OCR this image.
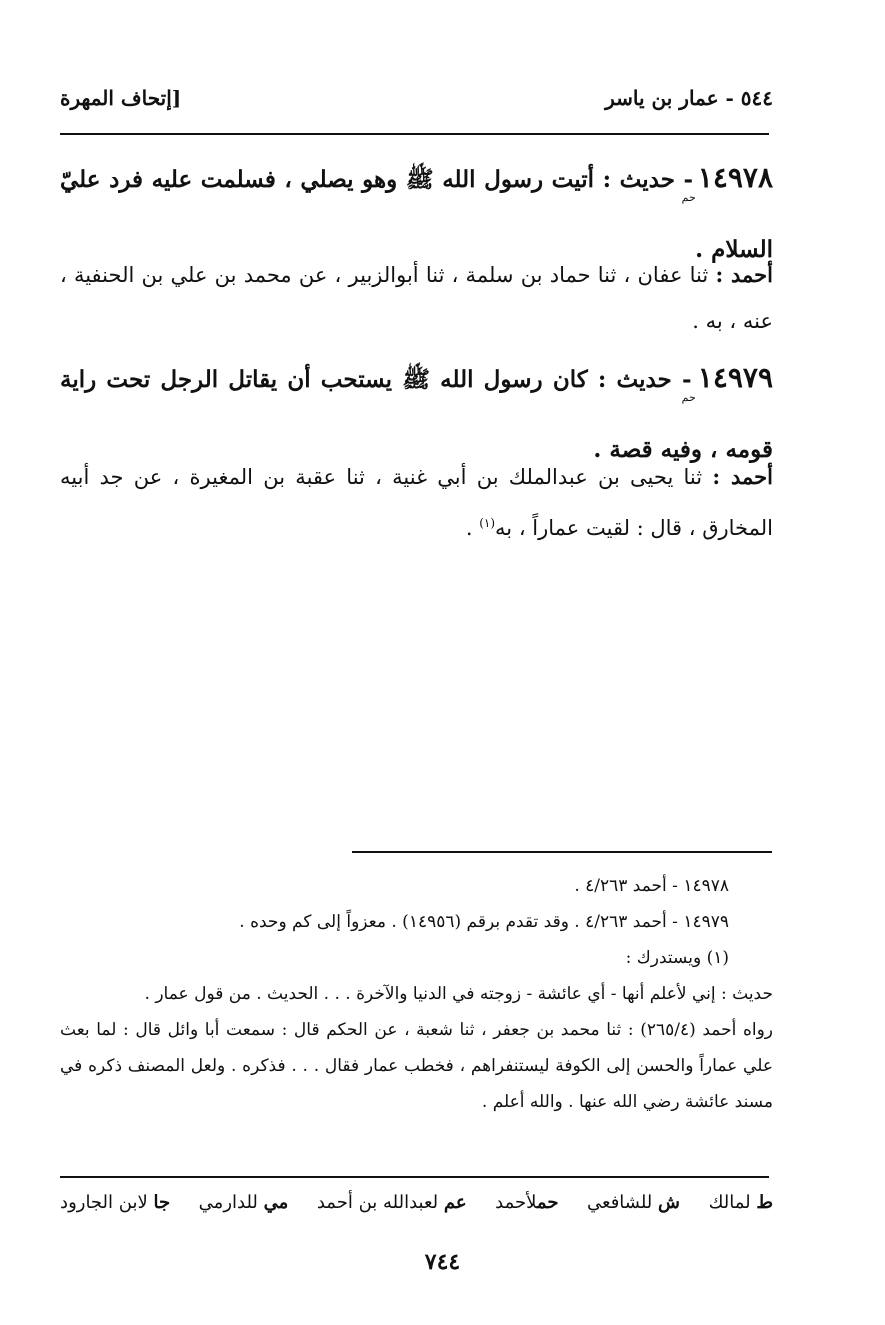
٥٤٤ - عمار بن ياسر
[إتحاف المهرة
١٤٩٧٨حم - حديث : أتيت رسول الله ﷺ وهو يصلي ، فسلمت عليه فرد عليّ السلام .
أحمد : ثنا عفان ، ثنا حماد بن سلمة ، ثنا أبوالزبير ، عن محمد بن علي بن الحنفية ، عنه ، به .
١٤٩٧٩حم - حديث : كان رسول الله ﷺ يستحب أن يقاتل الرجل تحت راية قومه ، وفيه قصة .
أحمد : ثنا يحيى بن عبدالملك بن أبي غنية ، ثنا عقبة بن المغيرة ، عن جد أبيه المخارق ، قال : لقيت عماراً ، به$^{(١)}$ .
١٤٩٧٨ - أحمد ٤/٢٦٣ .
١٤٩٧٩ - أحمد ٤/٢٦٣ . وقد تقدم برقم (١٤٩٥٦) . معزواً إلى كم وحده .
(١) ويستدرك :
حديث : إني لأعلم أنها - أي عائشة - زوجته في الدنيا والآخرة . . . الحديث . من قول عمار .
رواه أحمد (٢٦٥/٤) : ثنا محمد بن جعفر ، ثنا شعبة ، عن الحكم قال : سمعت أبا وائل قال : لما بعث علي عماراً والحسن إلى الكوفة ليستنفراهم ، فخطب عمار فقال . . . فذكره . ولعل المصنف ذكره في مسند عائشة رضي الله عنها . والله أعلم .
ط لمالك
ش للشافعي
حملأحمد
عم لعبدالله بن أحمد
مي للدارمي
جا لابن الجارود
٧٤٤
